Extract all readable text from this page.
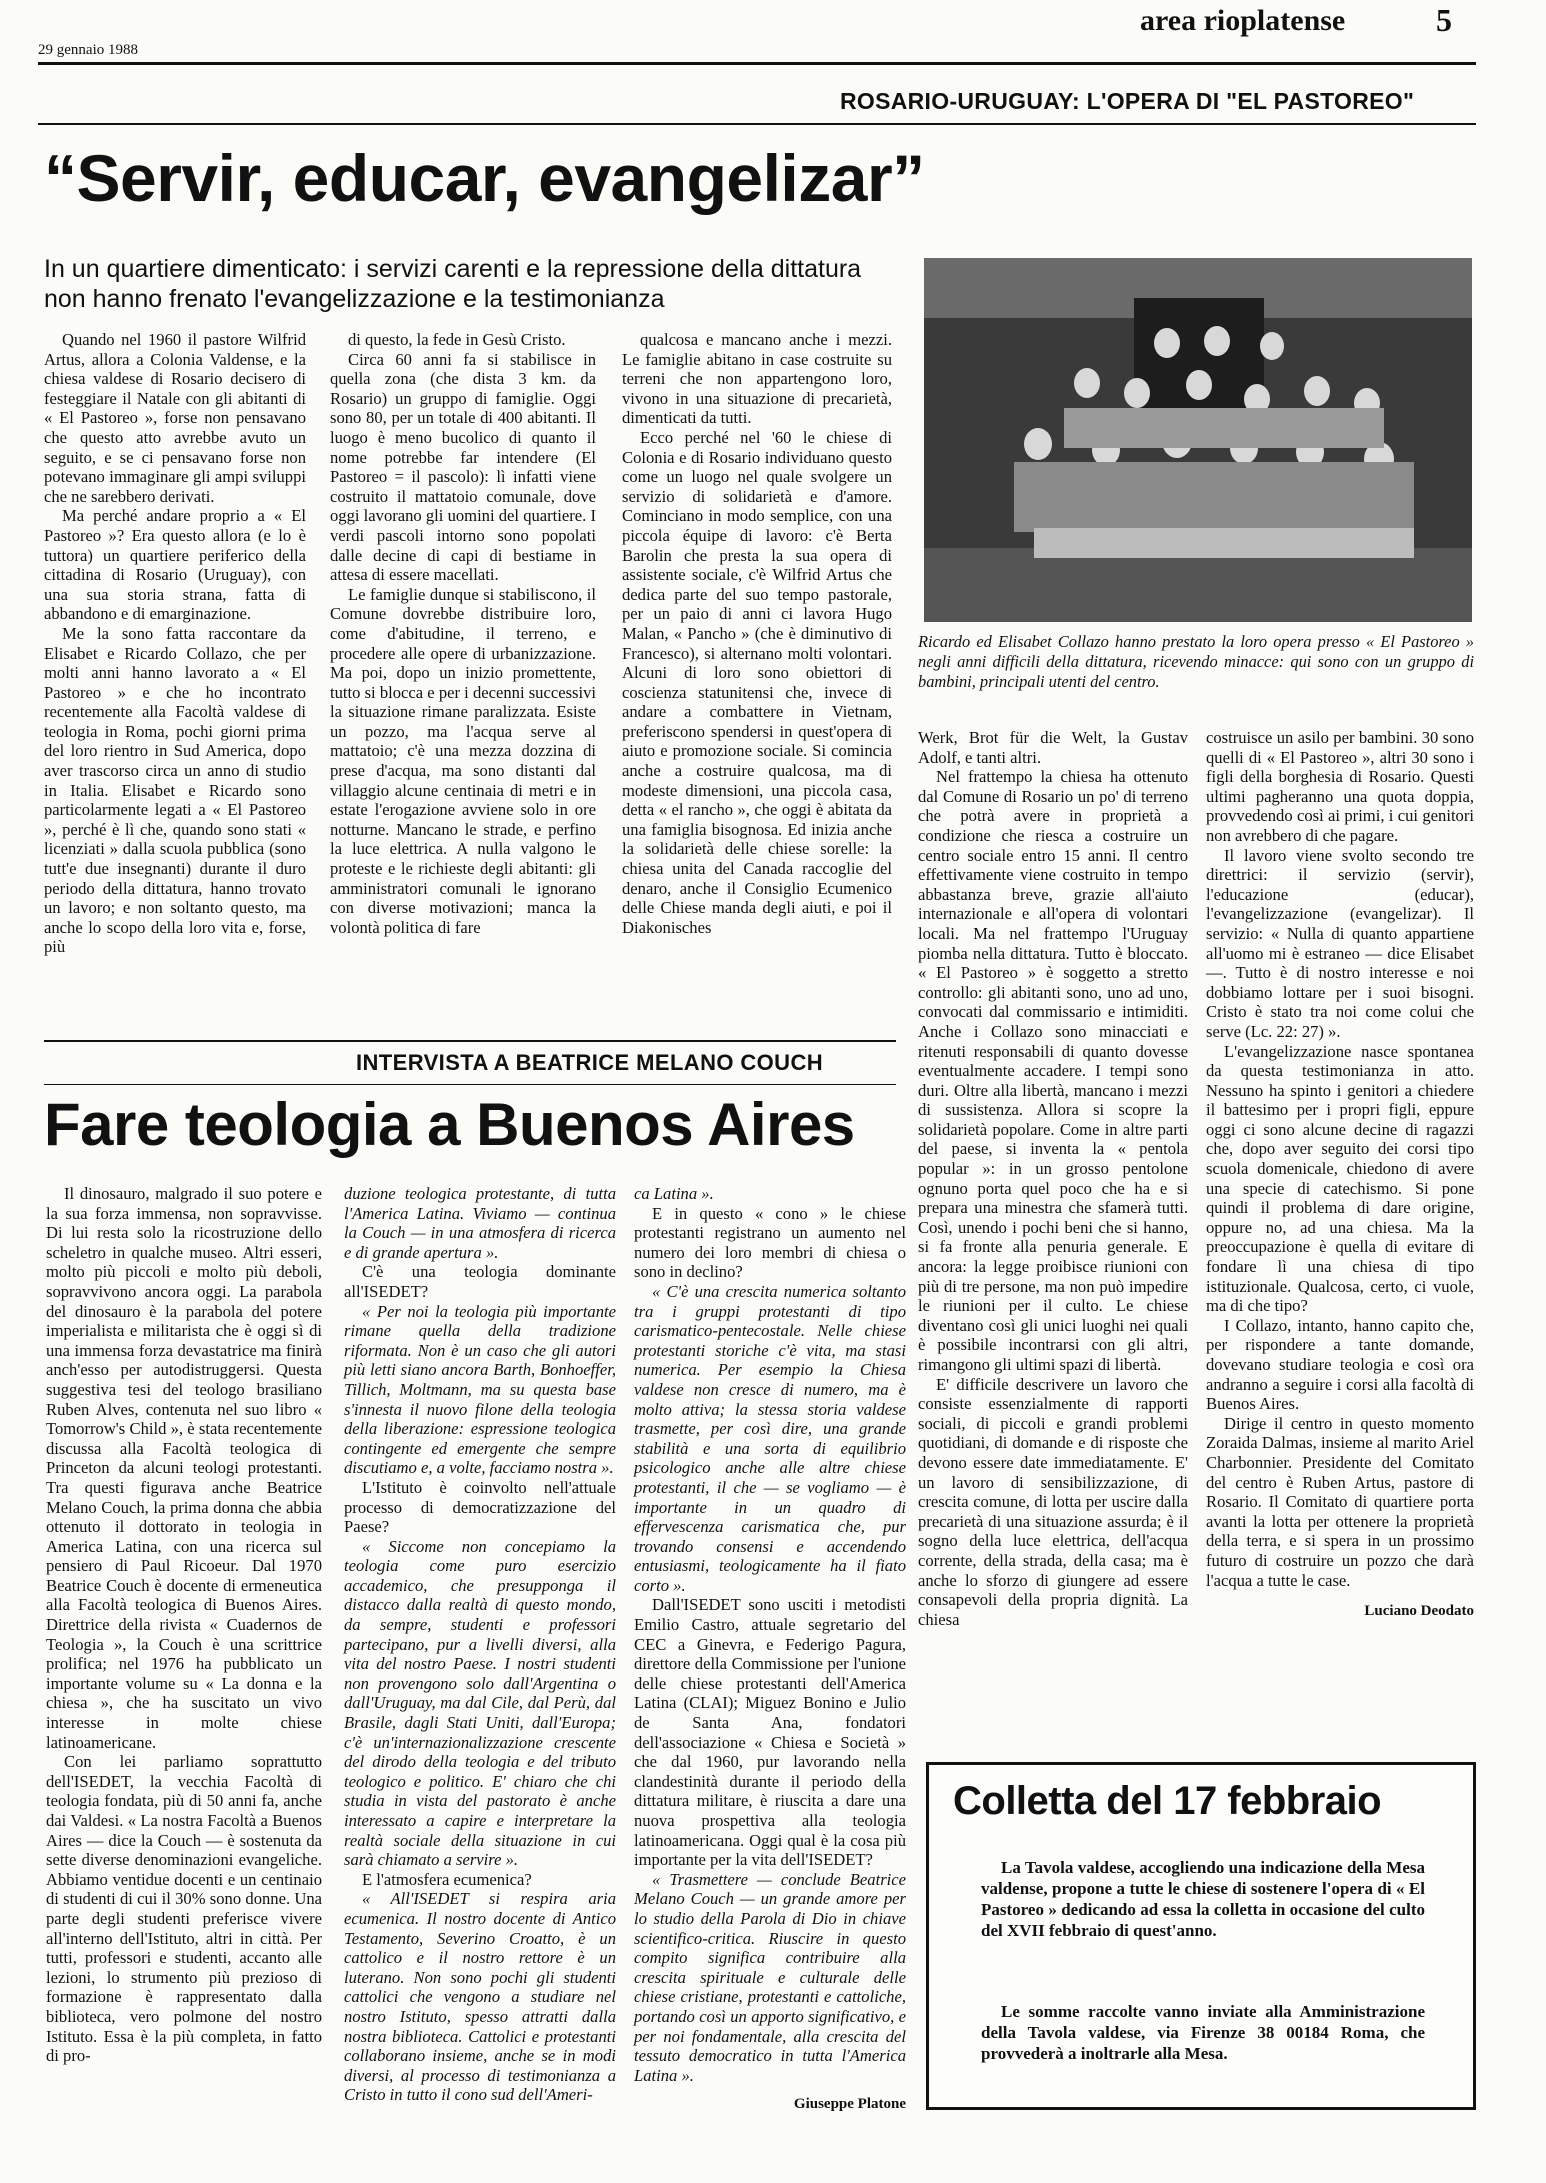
29 gennaio 1988
area rioplatense	5
ROSARIO-URUGUAY: L'OPERA DI "EL PASTOREO"
“Servir, educar, evangelizar”
In un quartiere dimenticato: i servizi carenti e la repressione della dittatura non hanno frenato l'evangelizzazione e la testimonianza

Quando nel 1960 il pastore Wilfrid Artus, allora a Colonia Valdense, e la chiesa valdese di Rosario decisero di festeggiare il Natale con gli abitanti di « El Pastoreo », forse non pensavano che questo atto avrebbe avuto un seguito, e se ci pensavano forse non potevano immaginare gli ampi sviluppi che ne sarebbero derivati.

Ma perché andare proprio a « El Pastoreo »? Era questo allora (e lo è tuttora) un quartiere periferico della cittadina di Rosario (Uruguay), con una sua storia strana, fatta di abbandono e di emarginazione.

Me la sono fatta raccontare da Elisabet e Ricardo Collazo, che per molti anni hanno lavorato a « El Pastoreo » e che ho incontrato recentemente alla Facoltà valdese di teologia in Roma, pochi giorni prima del loro rientro in Sud America, dopo aver trascorso circa un anno di studio in Italia. Elisabet e Ricardo sono particolarmente legati a « El Pastoreo », perché è lì che, quando sono stati « licenziati » dalla scuola pubblica (sono tutt'e due insegnanti) durante il duro periodo della dittatura, hanno trovato un lavoro; e non soltanto questo, ma anche lo scopo della loro vita e, forse, più

di questo, la fede in Gesù Cristo.

Circa 60 anni fa si stabilisce in quella zona (che dista 3 km. da Rosario) un gruppo di famiglie. Oggi sono 80, per un totale di 400 abitanti. Il luogo è meno bucolico di quanto il nome potrebbe far intendere (El Pastoreo = il pascolo): lì infatti viene costruito il mattatoio comunale, dove oggi lavorano gli uomini del quartiere. I verdi pascoli intorno sono popolati dalle decine di capi di bestiame in attesa di essere macellati.

Le famiglie dunque si stabiliscono, il Comune dovrebbe distribuire loro, come d'abitudine, il terreno, e procedere alle opere di urbanizzazione. Ma poi, dopo un inizio promettente, tutto si blocca e per i decenni successivi la situazione rimane paralizzata. Esiste un pozzo, ma l'acqua serve al mattatoio; c'è una mezza dozzina di prese d'acqua, ma sono distanti dal villaggio alcune centinaia di metri e in estate l'erogazione avviene solo in ore notturne. Mancano le strade, e perfino la luce elettrica. A nulla valgono le proteste e le richieste degli abitanti: gli amministratori comunali le ignorano con diverse motivazioni; manca la volontà politica di fare

qualcosa e mancano anche i mezzi. Le famiglie abitano in case costruite su terreni che non appartengono loro, vivono in una situazione di precarietà, dimenticati da tutti.

Ecco perché nel '60 le chiese di Colonia e di Rosario individuano questo come un luogo nel quale svolgere un servizio di solidarietà e d'amore. Cominciano in modo semplice, con una piccola équipe di lavoro: c'è Berta Barolin che presta la sua opera di assistente sociale, c'è Wilfrid Artus che dedica parte del suo tempo pastorale, per un paio di anni ci lavora Hugo Malan, « Pancho » (che è diminutivo di Francesco), si alternano molti volontari. Alcuni di loro sono obiettori di coscienza statunitensi che, invece di andare a combattere in Vietnam, preferiscono spendersi in quest'opera di aiuto e promozione sociale. Si comincia anche a costruire qualcosa, ma di modeste dimensioni, una piccola casa, detta « el rancho », che oggi è abitata da una famiglia bisognosa. Ed inizia anche la solidarietà delle chiese sorelle: la chiesa unita del Canada raccoglie del denaro, anche il Consiglio Ecumenico delle Chiese manda degli aiuti, e poi il Diakonisches

Ricardo ed Elisabet Collazo hanno prestato la loro opera presso « El Pastoreo » negli anni difficili della dittatura, ricevendo minacce: qui sono con un gruppo di bambini, principali utenti del centro.

Werk, Brot für die Welt, la Gustav Adolf, e tanti altri.

Nel frattempo la chiesa ha ottenuto dal Comune di Rosario un po' di terreno che potrà avere in proprietà a condizione che riesca a costruire un centro sociale entro 15 anni. Il centro effettivamente viene costruito in tempo abbastanza breve, grazie all'aiuto internazionale e all'opera di volontari locali. Ma nel frattempo l'Uruguay piomba nella dittatura. Tutto è bloccato. « El Pastoreo » è soggetto a stretto controllo: gli abitanti sono, uno ad uno, convocati dal commissario e intimiditi. Anche i Collazo sono minacciati e ritenuti responsabili di quanto dovesse eventualmente accadere. I tempi sono duri. Oltre alla libertà, mancano i mezzi di sussistenza. Allora si scopre la solidarietà popolare. Come in altre parti del paese, si inventa la « pentola popular »: in un grosso pentolone ognuno porta quel poco che ha e si prepara una minestra che sfamerà tutti. Così, unendo i pochi beni che si hanno, si fa fronte alla penuria generale. E ancora: la legge proibisce riunioni con più di tre persone, ma non può impedire le riunioni per il culto. Le chiese diventano così gli unici luoghi nei quali è possibile incontrarsi con gli altri, rimangono gli ultimi spazi di libertà.

E' difficile descrivere un lavoro che consiste essenzialmente di rapporti sociali, di piccoli e grandi problemi quotidiani, di domande e di risposte che devono essere date immediatamente. E' un lavoro di sensibilizzazione, di crescita comune, di lotta per uscire dalla precarietà di una situazione assurda; è il sogno della luce elettrica, dell'acqua corrente, della strada, della casa; ma è anche lo sforzo di giungere ad essere consapevoli della propria dignità. La chiesa

costruisce un asilo per bambini. 30 sono quelli di « El Pastoreo », altri 30 sono i figli della borghesia di Rosario. Questi ultimi pagheranno una quota doppia, provvedendo così ai primi, i cui genitori non avrebbero di che pagare.

Il lavoro viene svolto secondo tre direttrici: il servizio (servir), l'educazione (educar), l'evangelizzazione (evangelizar). Il servizio: « Nulla di quanto appartiene all'uomo mi è estraneo — dice Elisabet —. Tutto è di nostro interesse e noi dobbiamo lottare per i suoi bisogni. Cristo è stato tra noi come colui che serve (Lc. 22: 27) ».

L'evangelizzazione nasce spontanea da questa testimonianza in atto. Nessuno ha spinto i genitori a chiedere il battesimo per i propri figli, eppure oggi ci sono alcune decine di ragazzi che, dopo aver seguito dei corsi tipo scuola domenicale, chiedono di avere una specie di catechismo. Si pone quindi il problema di dare origine, oppure no, ad una chiesa. Ma la preoccupazione è quella di evitare di fondare lì una chiesa di tipo istituzionale. Qualcosa, certo, ci vuole, ma di che tipo?

I Collazo, intanto, hanno capito che, per rispondere a tante domande, dovevano studiare teologia e così ora andranno a seguire i corsi alla facoltà di Buenos Aires.

Dirige il centro in questo momento Zoraida Dalmas, insieme al marito Ariel Charbonnier. Presidente del Comitato del centro è Ruben Artus, pastore di Rosario. Il Comitato di quartiere porta avanti la lotta per ottenere la proprietà della terra, e si spera in un prossimo futuro di costruire un pozzo che darà l'acqua a tutte le case.

Luciano Deodato
INTERVISTA A BEATRICE MELANO COUCH
Fare teologia a Buenos Aires

Il dinosauro, malgrado il suo potere e la sua forza immensa, non sopravvisse. Di lui resta solo la ricostruzione dello scheletro in qualche museo. Altri esseri, molto più piccoli e molto più deboli, sopravvivono ancora oggi. La parabola del dinosauro è la parabola del potere imperialista e militarista che è oggi sì di una immensa forza devastatrice ma finirà anch'esso per autodistruggersi. Questa suggestiva tesi del teologo brasiliano Ruben Alves, contenuta nel suo libro « Tomorrow's Child », è stata recentemente discussa alla Facoltà teologica di Princeton da alcuni teologi protestanti. Tra questi figurava anche Beatrice Melano Couch, la prima donna che abbia ottenuto il dottorato in teologia in America Latina, con una ricerca sul pensiero di Paul Ricoeur. Dal 1970 Beatrice Couch è docente di ermeneutica alla Facoltà teologica di Buenos Aires. Direttrice della rivista « Cuadernos de Teologia », la Couch è una scrittrice prolifica; nel 1976 ha pubblicato un importante volume su « La donna e la chiesa », che ha suscitato un vivo interesse in molte chiese latinoamericane.

Con lei parliamo soprattutto dell'ISEDET, la vecchia Facoltà di teologia fondata, più di 50 anni fa, anche dai Valdesi. « La nostra Facoltà a Buenos Aires — dice la Couch — è sostenuta da sette diverse denominazioni evangeliche. Abbiamo ventidue docenti e un centinaio di studenti di cui il 30% sono donne. Una parte degli studenti preferisce vivere all'interno dell'Istituto, altri in città. Per tutti, professori e studenti, accanto alle lezioni, lo strumento più prezioso di formazione è rappresentato dalla biblioteca, vero polmone del nostro Istituto. Essa è la più completa, in fatto di pro-

duzione teologica protestante, di tutta l'America Latina. Viviamo — continua la Couch — in una atmosfera di ricerca e di grande apertura ».

C'è una teologia dominante all'ISEDET?

« Per noi la teologia più importante rimane quella della tradizione riformata. Non è un caso che gli autori più letti siano ancora Barth, Bonhoeffer, Tillich, Moltmann, ma su questa base s'innesta il nuovo filone della teologia della liberazione: espressione teologica contingente ed emergente che sempre discutiamo e, a volte, facciamo nostra ».

L'Istituto è coinvolto nell'attuale processo di democratizzazione del Paese?

« Siccome non concepiamo la teologia come puro esercizio accademico, che presupponga il distacco dalla realtà di questo mondo, da sempre, studenti e professori partecipano, pur a livelli diversi, alla vita del nostro Paese. I nostri studenti non provengono solo dall'Argentina o dall'Uruguay, ma dal Cile, dal Perù, dal Brasile, dagli Stati Uniti, dall'Europa; c'è un'internazionalizzazione crescente del dirodo della teologia e del tributo teologico e politico. E' chiaro che chi studia in vista del pastorato è anche interessato a capire e interpretare la realtà sociale della situazione in cui sarà chiamato a servire ».

E l'atmosfera ecumenica?

« All'ISEDET si respira aria ecumenica. Il nostro docente di Antico Testamento, Severino Croatto, è un cattolico e il nostro rettore è un luterano. Non sono pochi gli studenti cattolici che vengono a studiare nel nostro Istituto, spesso attratti dalla nostra biblioteca. Cattolici e protestanti collaborano insieme, anche se in modi diversi, al processo di testimonianza a Cristo in tutto il cono sud dell'Ameri-

ca Latina ».

E in questo « cono » le chiese protestanti registrano un aumento nel numero dei loro membri di chiesa o sono in declino?

« C'è una crescita numerica soltanto tra i gruppi protestanti di tipo carismatico-pentecostale. Nelle chiese protestanti storiche c'è vita, ma stasi numerica. Per esempio la Chiesa valdese non cresce di numero, ma è molto attiva; la stessa storia valdese trasmette, per così dire, una grande stabilità e una sorta di equilibrio psicologico anche alle altre chiese protestanti, il che — se vogliamo — è importante in un quadro di effervescenza carismatica che, pur trovando consensi e accendendo entusiasmi, teologicamente ha il fiato corto ».

Dall'ISEDET sono usciti i metodisti Emilio Castro, attuale segretario del CEC a Ginevra, e Federigo Pagura, direttore della Commissione per l'unione delle chiese protestanti dell'America Latina (CLAI); Miguez Bonino e Julio de Santa Ana, fondatori dell'associazione « Chiesa e Società » che dal 1960, pur lavorando nella clandestinità durante il periodo della dittatura militare, è riuscita a dare una nuova prospettiva alla teologia latinoamericana. Oggi qual è la cosa più importante per la vita dell'ISEDET?

« Trasmettere — conclude Beatrice Melano Couch — un grande amore per lo studio della Parola di Dio in chiave scientifico-critica. Riuscire in questo compito significa contribuire alla crescita spirituale e culturale delle chiese cristiane, protestanti e cattoliche, portando così un apporto significativo, e per noi fondamentale, alla crescita del tessuto democratico in tutta l'America Latina ».

Giuseppe Platone
Colletta del 17 febbraio
La Tavola valdese, accogliendo una indicazione della Mesa valdense, propone a tutte le chiese di sostenere l'opera di « El Pastoreo » dedicando ad essa la colletta in occasione del culto del XVII febbraio di quest'anno.
Le somme raccolte vanno inviate alla Amministrazione della Tavola valdese, via Firenze 38 00184 Roma, che provvederà a inoltrarle alla Mesa.
